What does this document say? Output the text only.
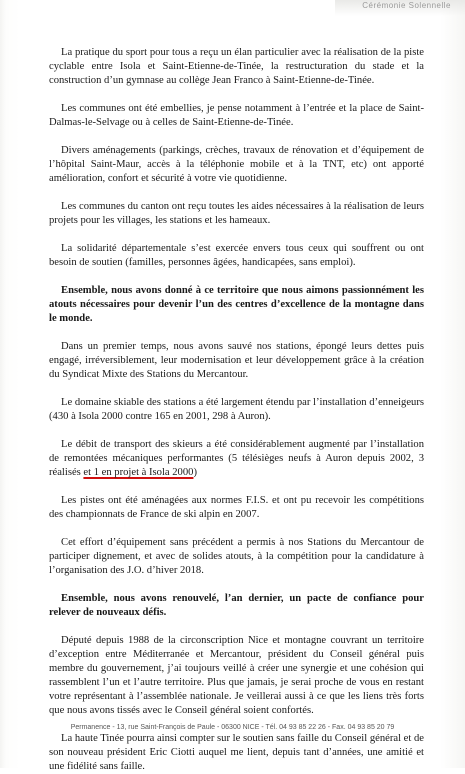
Cérémonie Solennelle

La pratique du sport pour tous a reçu un élan particulier avec la réalisation de la piste cyclable entre Isola et Saint-Etienne-de-Tinée, la restructuration du stade et la construction d’un gymnase au collège Jean Franco à Saint-Etienne-de-Tinée.

Les communes ont été embellies, je pense notamment à l’entrée et la place de Saint-Dalmas-le-Selvage ou à celles de Saint-Etienne-de-Tinée.

Divers aménagements (parkings, crèches, travaux de rénovation et d’équipement de l’hôpital Saint-Maur, accès à la téléphonie mobile et à la TNT, etc) ont apporté amélioration, confort et sécurité à votre vie quotidienne.

Les communes du canton ont reçu toutes les aides nécessaires à la réalisation de leurs projets pour les villages, les stations et les hameaux.

La solidarité départementale s’est exercée envers tous ceux qui souffrent ou ont besoin de soutien (familles, personnes âgées, handicapées, sans emploi).

Ensemble, nous avons donné à ce territoire que nous aimons passionnément les atouts nécessaires pour devenir l’un des centres d’excellence de la montagne dans le monde.

Dans un premier temps, nous avons sauvé nos stations, épongé leurs dettes puis engagé, irréversiblement, leur modernisation et leur développement grâce à la création du Syndicat Mixte des Stations du Mercantour.

Le domaine skiable des stations a été largement étendu par l’installation d’enneigeurs (430 à Isola 2000 contre 165 en 2001, 298 à Auron).

Le débit de transport des skieurs a été considérablement augmenté par l’installation de remontées mécaniques performantes (5 télésièges neufs à Auron depuis 2002, 3 réalisés et 1 en projet à Isola 2000)

Les pistes ont été aménagées aux normes F.I.S. et ont pu recevoir les compétitions des championnats de France de ski alpin en 2007.

Cet effort d’équipement sans précédent a permis à nos Stations du Mercantour de participer dignement, et avec de solides atouts, à la compétition pour la candidature à l’organisation des J.O. d’hiver 2018.

Ensemble, nous avons renouvelé, l’an dernier, un pacte de confiance pour relever de nouveaux défis.

Député depuis 1988 de la circonscription Nice et montagne couvrant un territoire d’exception entre Méditerranée et Mercantour, président du Conseil général puis membre du gouvernement, j’ai toujours veillé à créer une synergie et une cohésion qui rassemblent l’un et l’autre territoire. Plus que jamais, je serai proche de vous en restant votre représentant à l’assemblée nationale. Je veillerai aussi à ce que les liens très forts que nous avons tissés avec le Conseil général soient confortés.

La haute Tinée pourra ainsi compter sur le soutien sans faille du Conseil général et de son nouveau président Eric Ciotti auquel me lient, depuis tant d’années, une amitié et une fidélité sans faille.

Permanence - 13, rue Saint-François de Paule - 06300 NICE - Tél. 04 93 85 22 26 - Fax. 04 93 85 20 79
